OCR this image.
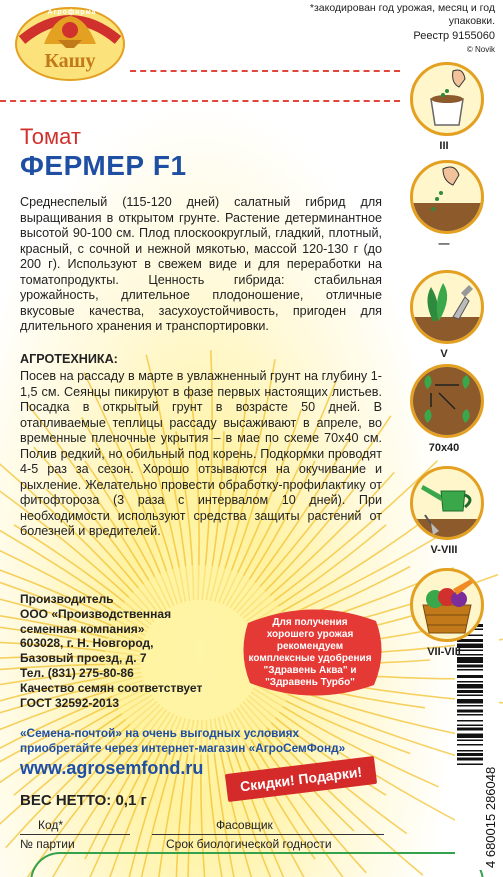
Агрофирма
Кашу
*закодирован год урожая, месяц и год упаковки.
Реестр 9155060
© Novik
Томат
ФЕРМЕР F1
Среднеспелый (115-120 дней) салатный гибрид для выращивания в открытом грунте. Растение детерминантное высотой 90-100 см. Плод плоскоокруглый, гладкий, плотный, красный, с сочной и нежной мякотью, массой 120-130 г (до 200 г). Используют в свежем виде и для переработки на томатопродукты. Ценность гибрида: стабильная урожайность, длительное плодоношение, отличные вкусовые качества, засухоустойчивость, пригоден для длительного хранения и транспортировки.
АГРОТЕХНИКА:
Посев на рассаду в марте в увлажненный грунт на глубину 1-1,5 см. Сеянцы пикируют в фазе первых настоящих листьев. Посадка в открытый грунт в возрасте 50 дней. В отапливаемые теплицы рассаду высаживают в апреле, во временные пленочные укрытия – в мае по схеме 70x40 см. Полив редкий, но обильный под корень. Подкормки проводят 4-5 раз за сезон. Хорошо отзываются на окучивание и рыхление. Желательно провести обработку-профилактику от фитофтороза (3 раза с интервалом 10 дней). При необходимости используют средства защиты растений от болезней и вредителей.
Производитель
ООО «Производственная
семенная компания»
603028, г. Н. Новгород,
Базовый проезд, д. 7
Тел. (831) 275-80-86
Качество семян соответствует
ГОСТ 32592-2013
Для получения
хорошего урожая
рекомендуем
комплексные удобрения
"Здравень Аква" и
"Здравень Турбо"
«Семена-почтой» на очень выгодных условиях
приобретайте через интернет-магазин «АгроСемФонд»
www.agrosemfond.ru	Скидки! Подарки!
ВЕС НЕТТО: 0,1 г
Код*	Фасовщик
№ партии	Срок биологической годности	4 680015 286048
III
—
V
70x40
V-VIII
VII-VIII
